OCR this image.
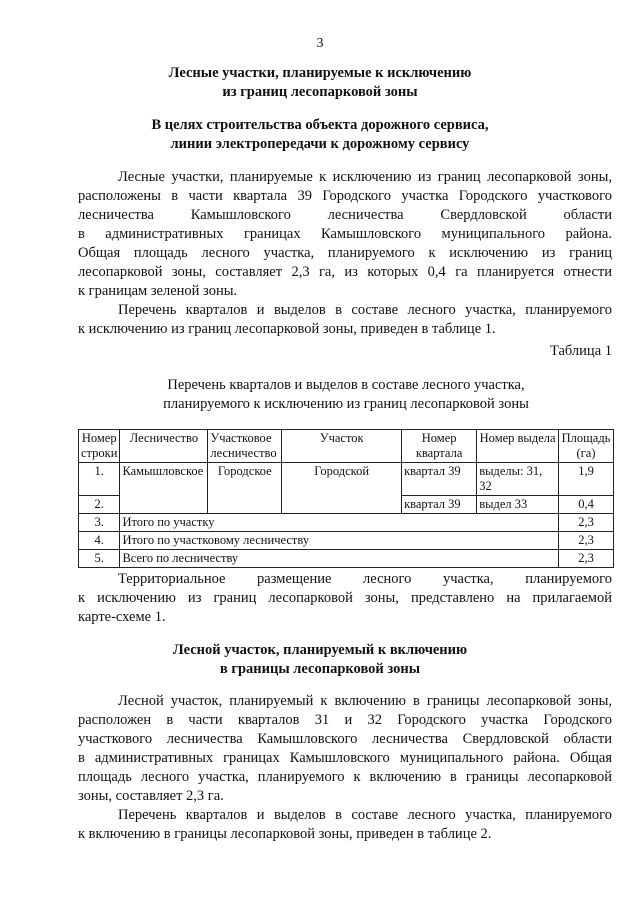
3
Лесные участки, планируемые к исключению
из границ лесопарковой зоны
В целях строительства объекта дорожного сервиса,
линии электропередачи к дорожному сервису
Лесные участки, планируемые к исключению из границ лесопарковой зоны,
расположены в части квартала 39 Городского участка Городского участкового
лесничества Камышловского лесничества Свердловской области
в административных границах Камышловского муниципального района.
Общая площадь лесного участка, планируемого к исключению из границ
лесопарковой зоны, составляет 2,3 га, из которых 0,4 га планируется отнести
к границам зеленой зоны.
Перечень кварталов и выделов в составе лесного участка, планируемого
к исключению из границ лесопарковой зоны, приведен в таблице 1.
Таблица 1
Перечень кварталов и выделов в составе лесного участка,
планируемого к исключению из границ лесопарковой зоны
Номер строки	Лесничество	Участковое лесничество	Участок	Номер квартала	Номер выдела	Площадь (га)
1.	Камышловское	Городское	Городской	квартал 39	выделы: 31, 32	1,9
2.				квартал 39	выдел 33	0,4
3.	Итого по участку					2,3
4.	Итого по участковому лесничеству					2,3
5.	Всего по лесничеству					2,3
Территориальное размещение лесного участка, планируемого
к исключению из границ лесопарковой зоны, представлено на прилагаемой
карте-схеме 1.
Лесной участок, планируемый к включению
в границы лесопарковой зоны
Лесной участок, планируемый к включению в границы лесопарковой зоны,
расположен в части кварталов 31 и 32 Городского участка Городского
участкового лесничества Камышловского лесничества Свердловской области
в административных границах Камышловского муниципального района. Общая
площадь лесного участка, планируемого к включению в границы лесопарковой
зоны, составляет 2,3 га.
Перечень кварталов и выделов в составе лесного участка, планируемого
к включению в границы лесопарковой зоны, приведен в таблице 2.
